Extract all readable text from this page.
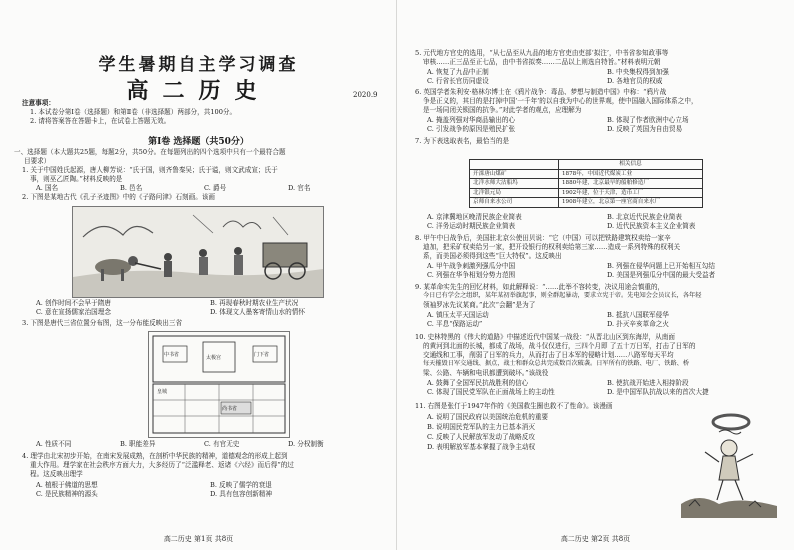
学生暑期自主学习调查
高二历史	2020.9
注意事项：
1. 本试卷分第Ⅰ卷（选择题）和第Ⅱ卷（非选择题）两部分，共100分。
2. 请将答案答在答题卡上，在试卷上答题无效。
第Ⅰ卷 选择题（共50分）
一、选择题（本大题共25题，每题2分，共50分。在每题列出的四个选项中只有一个最符合题
目要求）
1. 关于中国姓氏起源，唐人柳芳说：“氏于国，则齐鲁秦吴；氏于谥，则文武成宣；氏于
事，则巫乙匠陶。”材料反映的是
A. 国名	B. 邑名	C. 爵号	D. 官名
2. 下图是某地古代《孔子圣迹图》中的《子路问津》石刻画。该画
A. 创作时间不会早于隋唐	B. 再现春秋时期农业生产状况
C. 意在宣扬儒家治国理念	D. 体现文人墨客寄情山水的情怀
3. 下图是唐代三省位置分布图，这一分布能反映出三省
中书省	门下省
太极宫
尚书省
皇城
A. 性质不同	B. 职能差异	C. 有官无史	D. 分权制衡
4. 理学由北宋初步开始，在南宋发展成熟，在剖析中华民族的精神，道德观念的形成上起到
重大作用。理学家在社会秩序方面大力，大多经历了“泛滥释老、返诸《六经》而后得”的过
程。这反映出理学
A. 植根于佛道的思想	B. 反映了儒学的衰退
C. 是民族精神的源头	D. 具有包容创新精神
高二历史 第1页 共8页
5. 元代地方官史的选用，“从七品至从九品的地方官吏由吏部‘拟注’，中书省参知政事等
审核……正三品至正七品，由中书省拟奏……二品以上则选自特旨。”材料表明元朝
A. 恢复了九品中正制	B. 中央集权得到加强
C. 行省长官历同虚设	D. 各地官员的权威
6. 英国学者朱利安·格林尔博士在《鸦片战争：毒品、梦想与制造中国》中称：“鸦片战
争是正义的，其目的是打掉中国‘一千年’的以自我为中心的世界观，使中国融入国际体系之中，
是一场同闭关锁国的抗争。”对此学者的观点，应理解为
A. 掩盖列强对华商品输出的心	B. 体现了作者欧洲中心立场
C. 引发战争的原因是殖民扩张	D. 反映了英国为自由贸易
7. 为下表选取表名，最恰当的是
	相关信息
开滦唐山煤矿	1878年，中国近代煤炭工业
北洋水师大沽船坞	1880年建，北京最早的船舶修造厂
北洋银元局	1902年建，位于天津，造币工厂
京师自来水公司	1908年建立，北京第一座官商自来水厂
A. 京津冀地区晚清民族企业简表	B. 北京近代民族企业简表
C. 洋务运动时期民族企业简表	D. 近代民族资本主义企业简表
8. 甲午中日战争后，美国驻北京公使田贝说：“它（中国）可以把铁路建筑权卖给一家辛
迪加，把采矿权卖给另一家，把开设银行的权利卖给第三家……造成一系列特殊的权利关
系，而美国必须得到这些“巨大特权”。这反映出
A. 甲午战争刺激列强瓜分中国	B. 列强在侵华问题上已开始相互勾结
C. 列强在华争相划分势力范围	D. 美国是列强瓜分中国的最大受益者
9. 某革命实先生的回忆材料，如此解释说：“……此举不容转变，决议用途会慎重的，
今日已有学会之组织，某年某初举旗起事，则全群起暴动，要求立宪于帝。先电知会会员议长，各年轻
领袖罗冰先议某商。”此次“会翻”是为了
A. 镇压太平天国运动	B. 抵抗八国联军侵华
C. 平息“保路运动”	D. 扑灭辛亥革命之火
10. 史林特黑的《伟大的道路》中描述近代中国某一战役：“从晋北山区到东海岸，从南面
的黄河到北面的长城，都成了战场，战斗仅仅进行，三四个月即 了五十万日军，打击了日军的
交通线和工事，削弱了日军的兵力，从而打击了日本军的侵略计划……八路军每天平均
每天摧毁日军交通线、据点，战士和群众总共完成数百次破袭。日军所有的铁路、电厂、铁路、桥
梁、公路、车辆和电讯都遭到破坏。”该战役
A. 鼓舞了全国军民抗战胜利的信心	B. 使抗战开始进入相持阶段
C. 体现了国民党军队在正面战场上的主动性	D. 是中国军队抗战以来的首次大捷
11. 右图是张仃于1947年作的《美国救生圈也救不了性命》。该漫画
A. 说明了国民政府以美国统治危机的重要
B. 说明国民党军队的主力已基本消灭
C. 反映了人民解放军发动了战略反攻
D. 表明解放军基本掌握了战争主动权
高二历史 第2页 共8页
